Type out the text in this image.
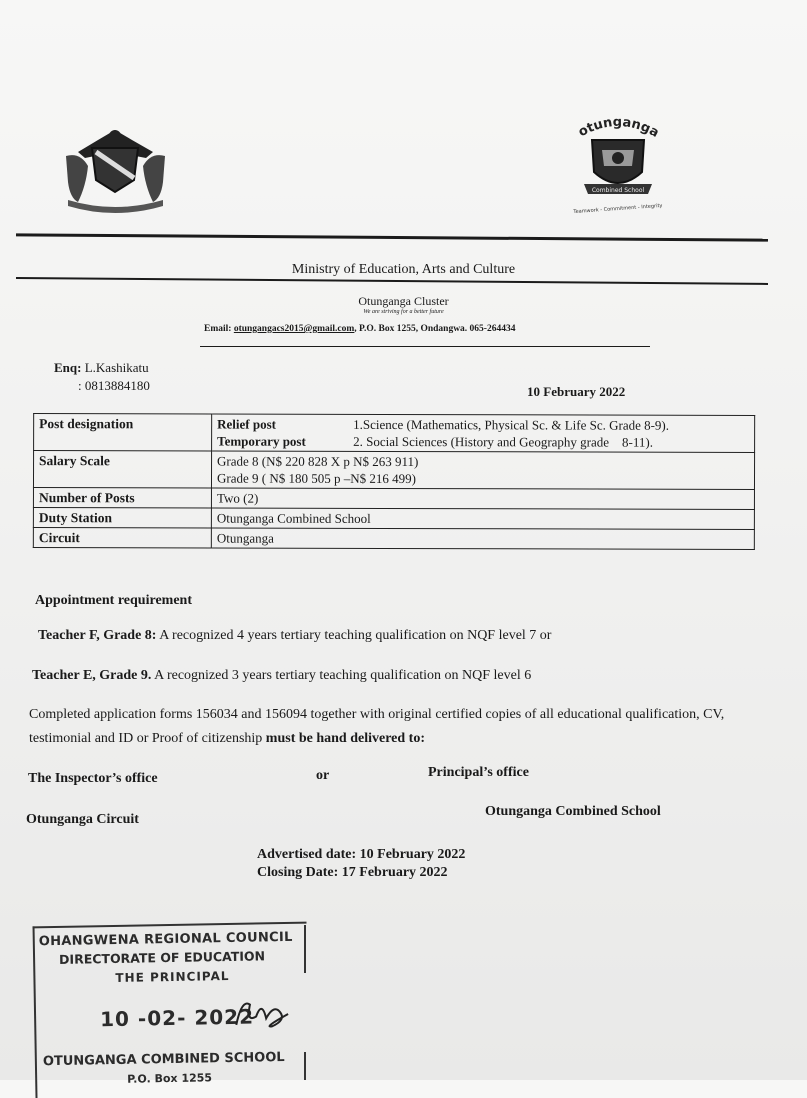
otunganga
Combined School
Teamwork - Commitment - Integrity
Ministry of Education, Arts and Culture
Otunganga Cluster
We are striving for a better future
Email: otungangacs2015@gmail.com, P.O. Box 1255, Ondangwa. 065-264434
Enq: L.Kashikatu
: 0813884180	10 February 2022
Post designation	Relief post 1.Science (Mathematics, Physical Sc. & Life Sc. Grade 8-9).
Temporary post 2. Social Sciences (History and Geography grade    8-11).

Salary Scale	Grade 8 (N$ 220 828 X p N$ 263 911)
Grade 9 ( N$ 180 505 p –N$ 216 499)

Number of Posts	Two (2)
Duty Station	Otunganga Combined School
Circuit	Otunganga
Appointment requirement
Teacher F, Grade 8: A recognized 4 years tertiary teaching qualification on NQF level 7 or
Teacher E, Grade 9. A recognized 3 years tertiary teaching qualification on NQF level 6
Completed application forms 156034 and 156094 together with original certified copies of all educational qualification, CV, testimonial and ID or Proof of citizenship must be hand delivered to:
The Inspector’s office	or	Principal’s office
Otunganga Circuit
Otunganga Combined School
Advertised date: 10 February 2022
Closing Date: 17 February 2022
OHANGWENA REGIONAL COUNCIL
DIRECTORATE OF EDUCATION
THE PRINCIPAL
10 -02- 2022
OTUNGANGA COMBINED SCHOOL
P.O. Box 1255
